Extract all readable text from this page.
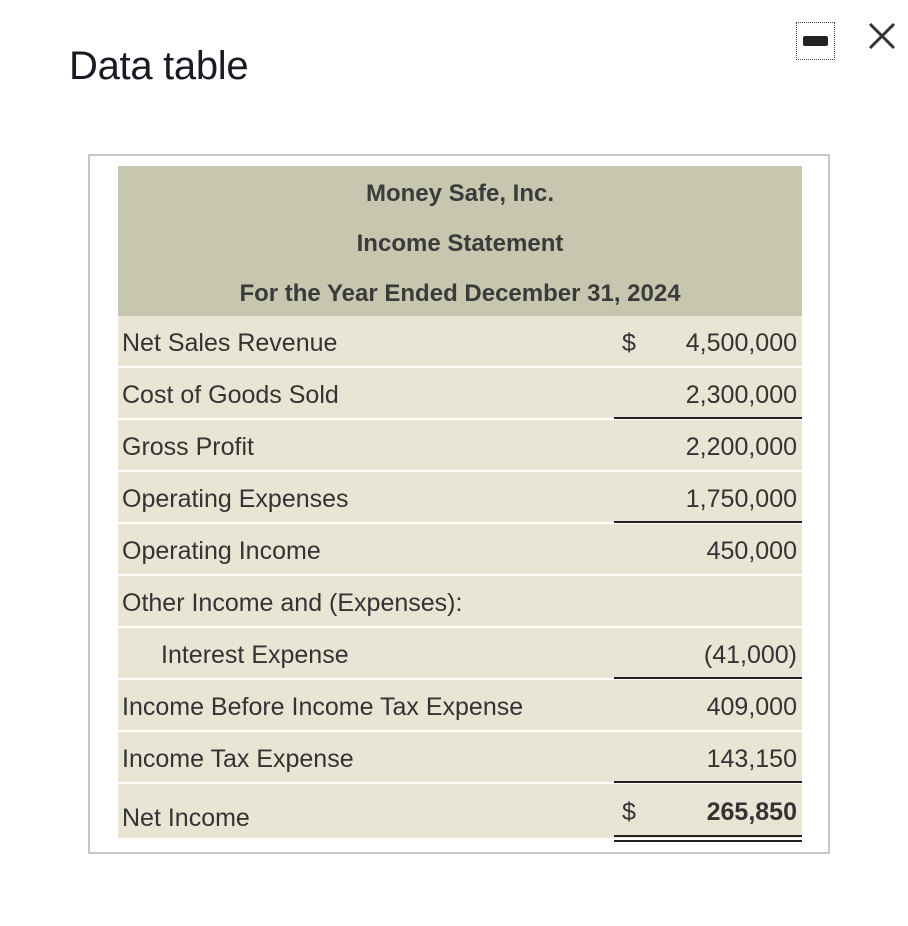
Data table
Money Safe, Inc.
Income Statement
For the Year Ended December 31, 2024
Net Sales Revenue	$ 4,500,000
Cost of Goods Sold	2,300,000
Gross Profit	2,200,000
Operating Expenses	1,750,000
Operating Income	450,000
Other Income and (Expenses):
Interest Expense	(41,000)
Income Before Income Tax Expense	409,000
Income Tax Expense	143,150
Net Income	$	265,850
